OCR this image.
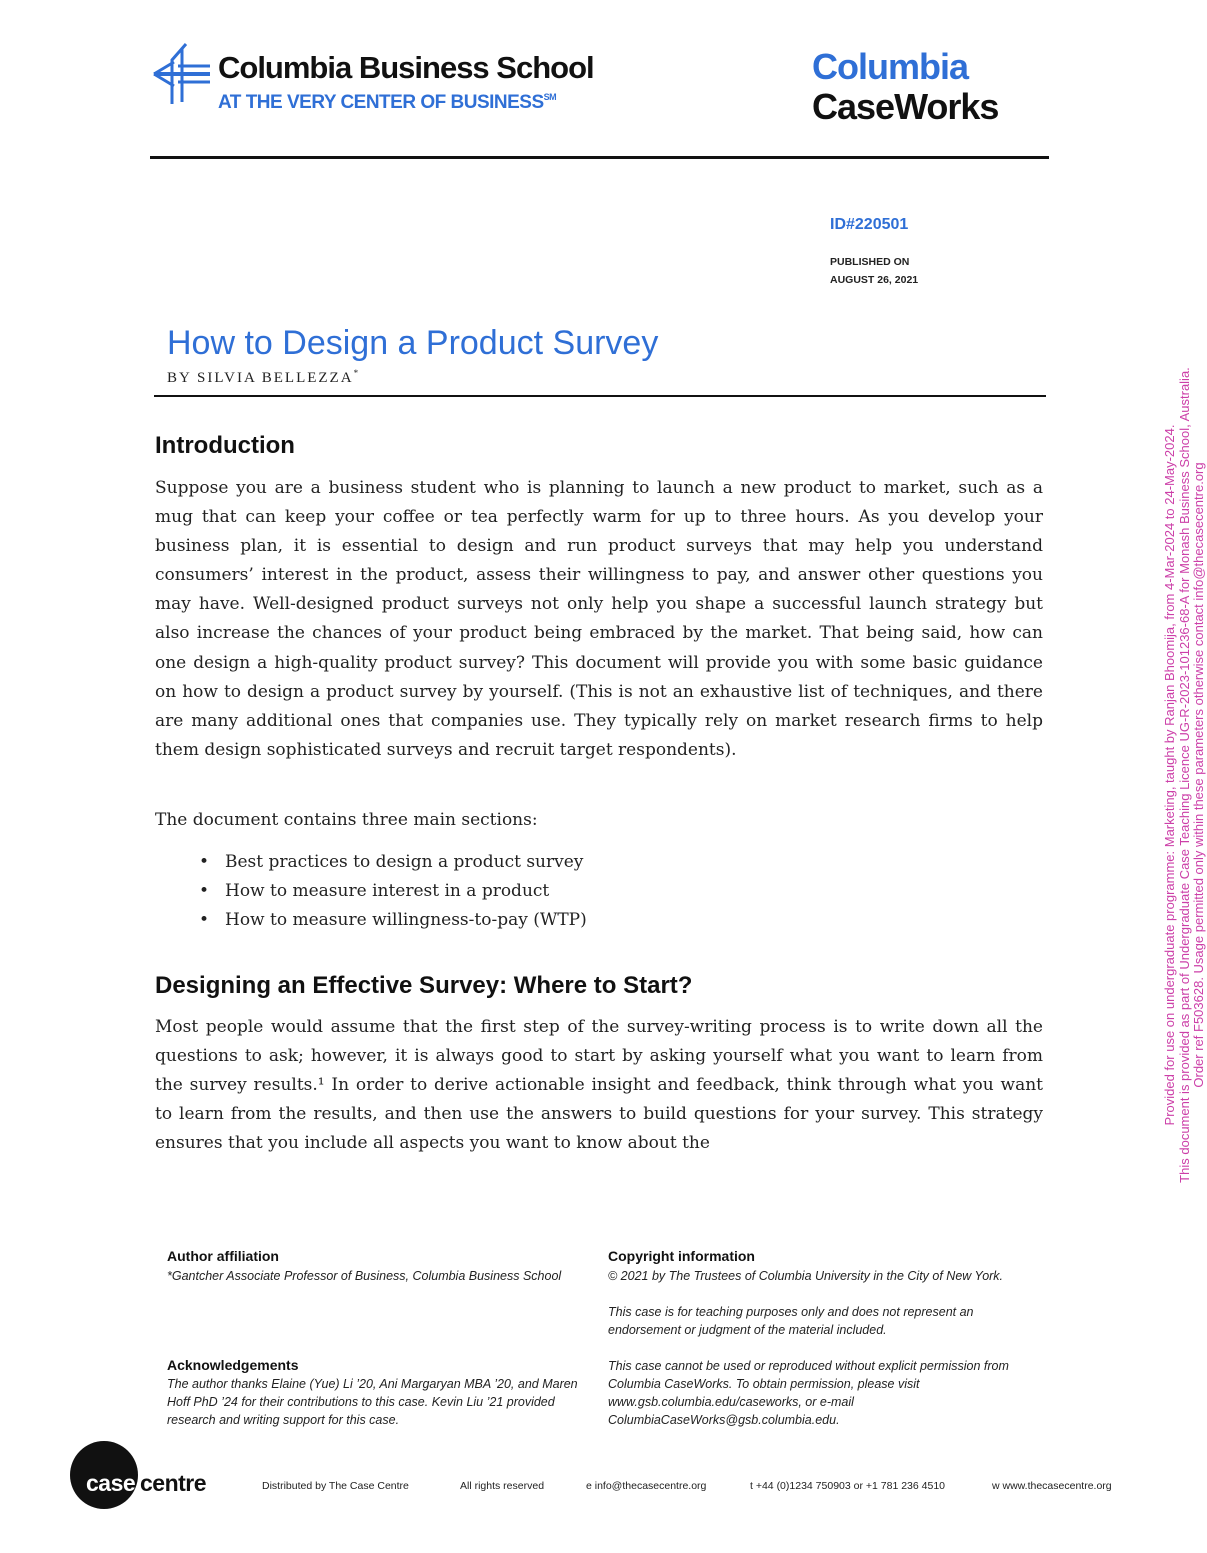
Columbia Business School
AT THE VERY CENTER OF BUSINESS℠
Columbia
CaseWorks
ID#220501
PUBLISHED ON
AUGUST 26, 2021
How to Design a Product Survey
BY SILVIA BELLEZZA*
Introduction

Suppose you are a business student who is planning to launch a new product to market, such as a mug that can keep your coffee or tea perfectly warm for up to three hours. As you develop your business plan, it is essential to design and run product surveys that may help you understand consumers’ interest in the product, assess their willingness to pay, and answer other questions you may have. Well-designed product surveys not only help you shape a successful launch strategy but also increase the chances of your product being embraced by the market. That being said, how can one design a high-quality product survey? This document will provide you with some basic guidance on how to design a product survey by yourself. (This is not an exhaustive list of techniques, and there are many additional ones that companies use. They typically rely on market research firms to help them design sophisticated surveys and recruit target respondents).

The document contains three main sections:

• Best practices to design a product survey
• How to measure interest in a product
• How to measure willingness-to-pay (WTP)
Designing an Effective Survey: Where to Start?

Most people would assume that the first step of the survey-writing process is to write down all the questions to ask; however, it is always good to start by asking yourself what you want to learn from the survey results.¹ In order to derive actionable insight and feedback, think through what you want to learn from the results, and then use the answers to build questions for your survey. This strategy ensures that you include all aspects you want to know about the

Author affiliation
*Gantcher Associate Professor of Business, Columbia Business School
Acknowledgements
The author thanks Elaine (Yue) Li ’20, Ani Margaryan MBA ’20, and Maren Hoff PhD ’24 for their contributions to this case. Kevin Liu ’21 provided research and writing support for this case.
Copyright information

© 2021 by The Trustees of Columbia University in the City of New York.

This case is for teaching purposes only and does not represent an endorsement or judgment of the material included.

This case cannot be used or reproduced without explicit permission from Columbia CaseWorks. To obtain permission, please visit www.gsb.columbia.edu/caseworks, or e-mail ColumbiaCaseWorks@gsb.columbia.edu.

case centre	Distributed by The Case Centre	All rights reserved	e info@thecasecentre.org	t +44 (0)1234 750903 or +1 781 236 4510	w www.thecasecentre.org
Provided for use on undergraduate programme: Marketing, taught by Ranjan Bhoomija, from 4-Mar-2024 to 24-May-2024. This document is provided as part of Undergraduate Case Teaching Licence UG-R-2023-101236-68-A for Monash Business School, Australia. Order ref F503628. Usage permitted only within these parameters otherwise contact info@thecasecentre.org
